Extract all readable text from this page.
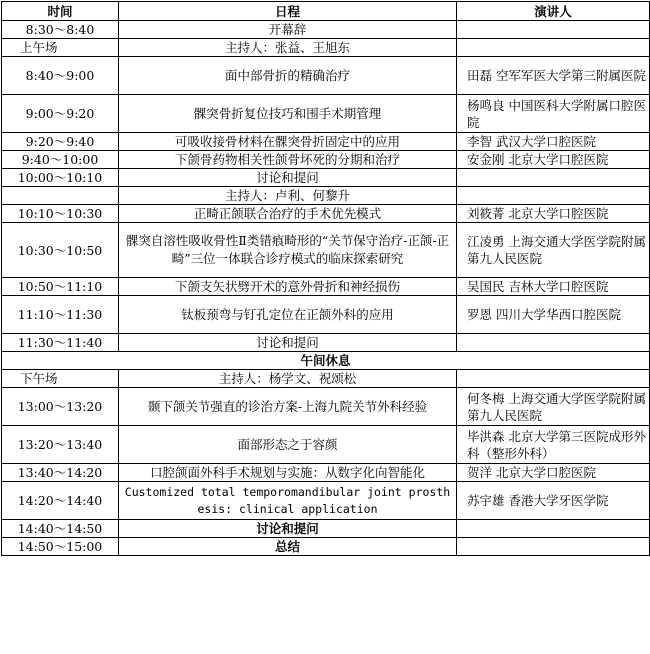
时间	日程	演讲人
8:30～8:40	开幕辞	
上午场	主持人：张益、王旭东	
8:40～9:00	面中部骨折的精确治疗	田磊 空军军医大学第三附属医院
9:00～9:20	髁突骨折复位技巧和围手术期管理	杨鸣良 中国医科大学附属口腔医院
9:20～9:40	可吸收接骨材料在髁突骨折固定中的应用	李智 武汉大学口腔医院
9:40～10:00	下颌骨药物相关性颌骨坏死的分期和治疗	安金刚 北京大学口腔医院
10:00～10:10	讨论和提问	
	主持人：卢利、何黎升	
10:10～10:30	正畸正颌联合治疗的手术优先模式	刘筱菁 北京大学口腔医院
10:30～10:50	髁突自溶性吸收骨性Ⅱ类错㾗畸形的“关节保守治疗-正颌-正畸”三位一体联合诊疗模式的临床探索研究	江凌勇 上海交通大学医学院附属第九人民医院
10:50～11:10	下颌支矢状劈开术的意外骨折和神经损伤	吴国民 吉林大学口腔医院
11:10～11:30	钛板预弯与钉孔定位在正颌外科的应用	罗恩 四川大学华西口腔医院
11:30～11:40	讨论和提问	
午间休息		
下午场	主持人：杨学文、祝颂松	
13:00～13:20	颞下颌关节强直的诊治方案-上海九院关节外科经验	何冬梅 上海交通大学医学院附属第九人民医院
13:20～13:40	面部形态之于容颜	毕洪森 北京大学第三医院成形外科（整形外科）
13:40～14:20	口腔颌面外科手术规划与实施：从数字化向智能化	贺洋 北京大学口腔医院
14:20～14:40	Customized total temporomandibular joint prosthesis: clinical application	苏宇雄 香港大学牙医学院
14:40～14:50	讨论和提问	
14:50～15:00	总结	
